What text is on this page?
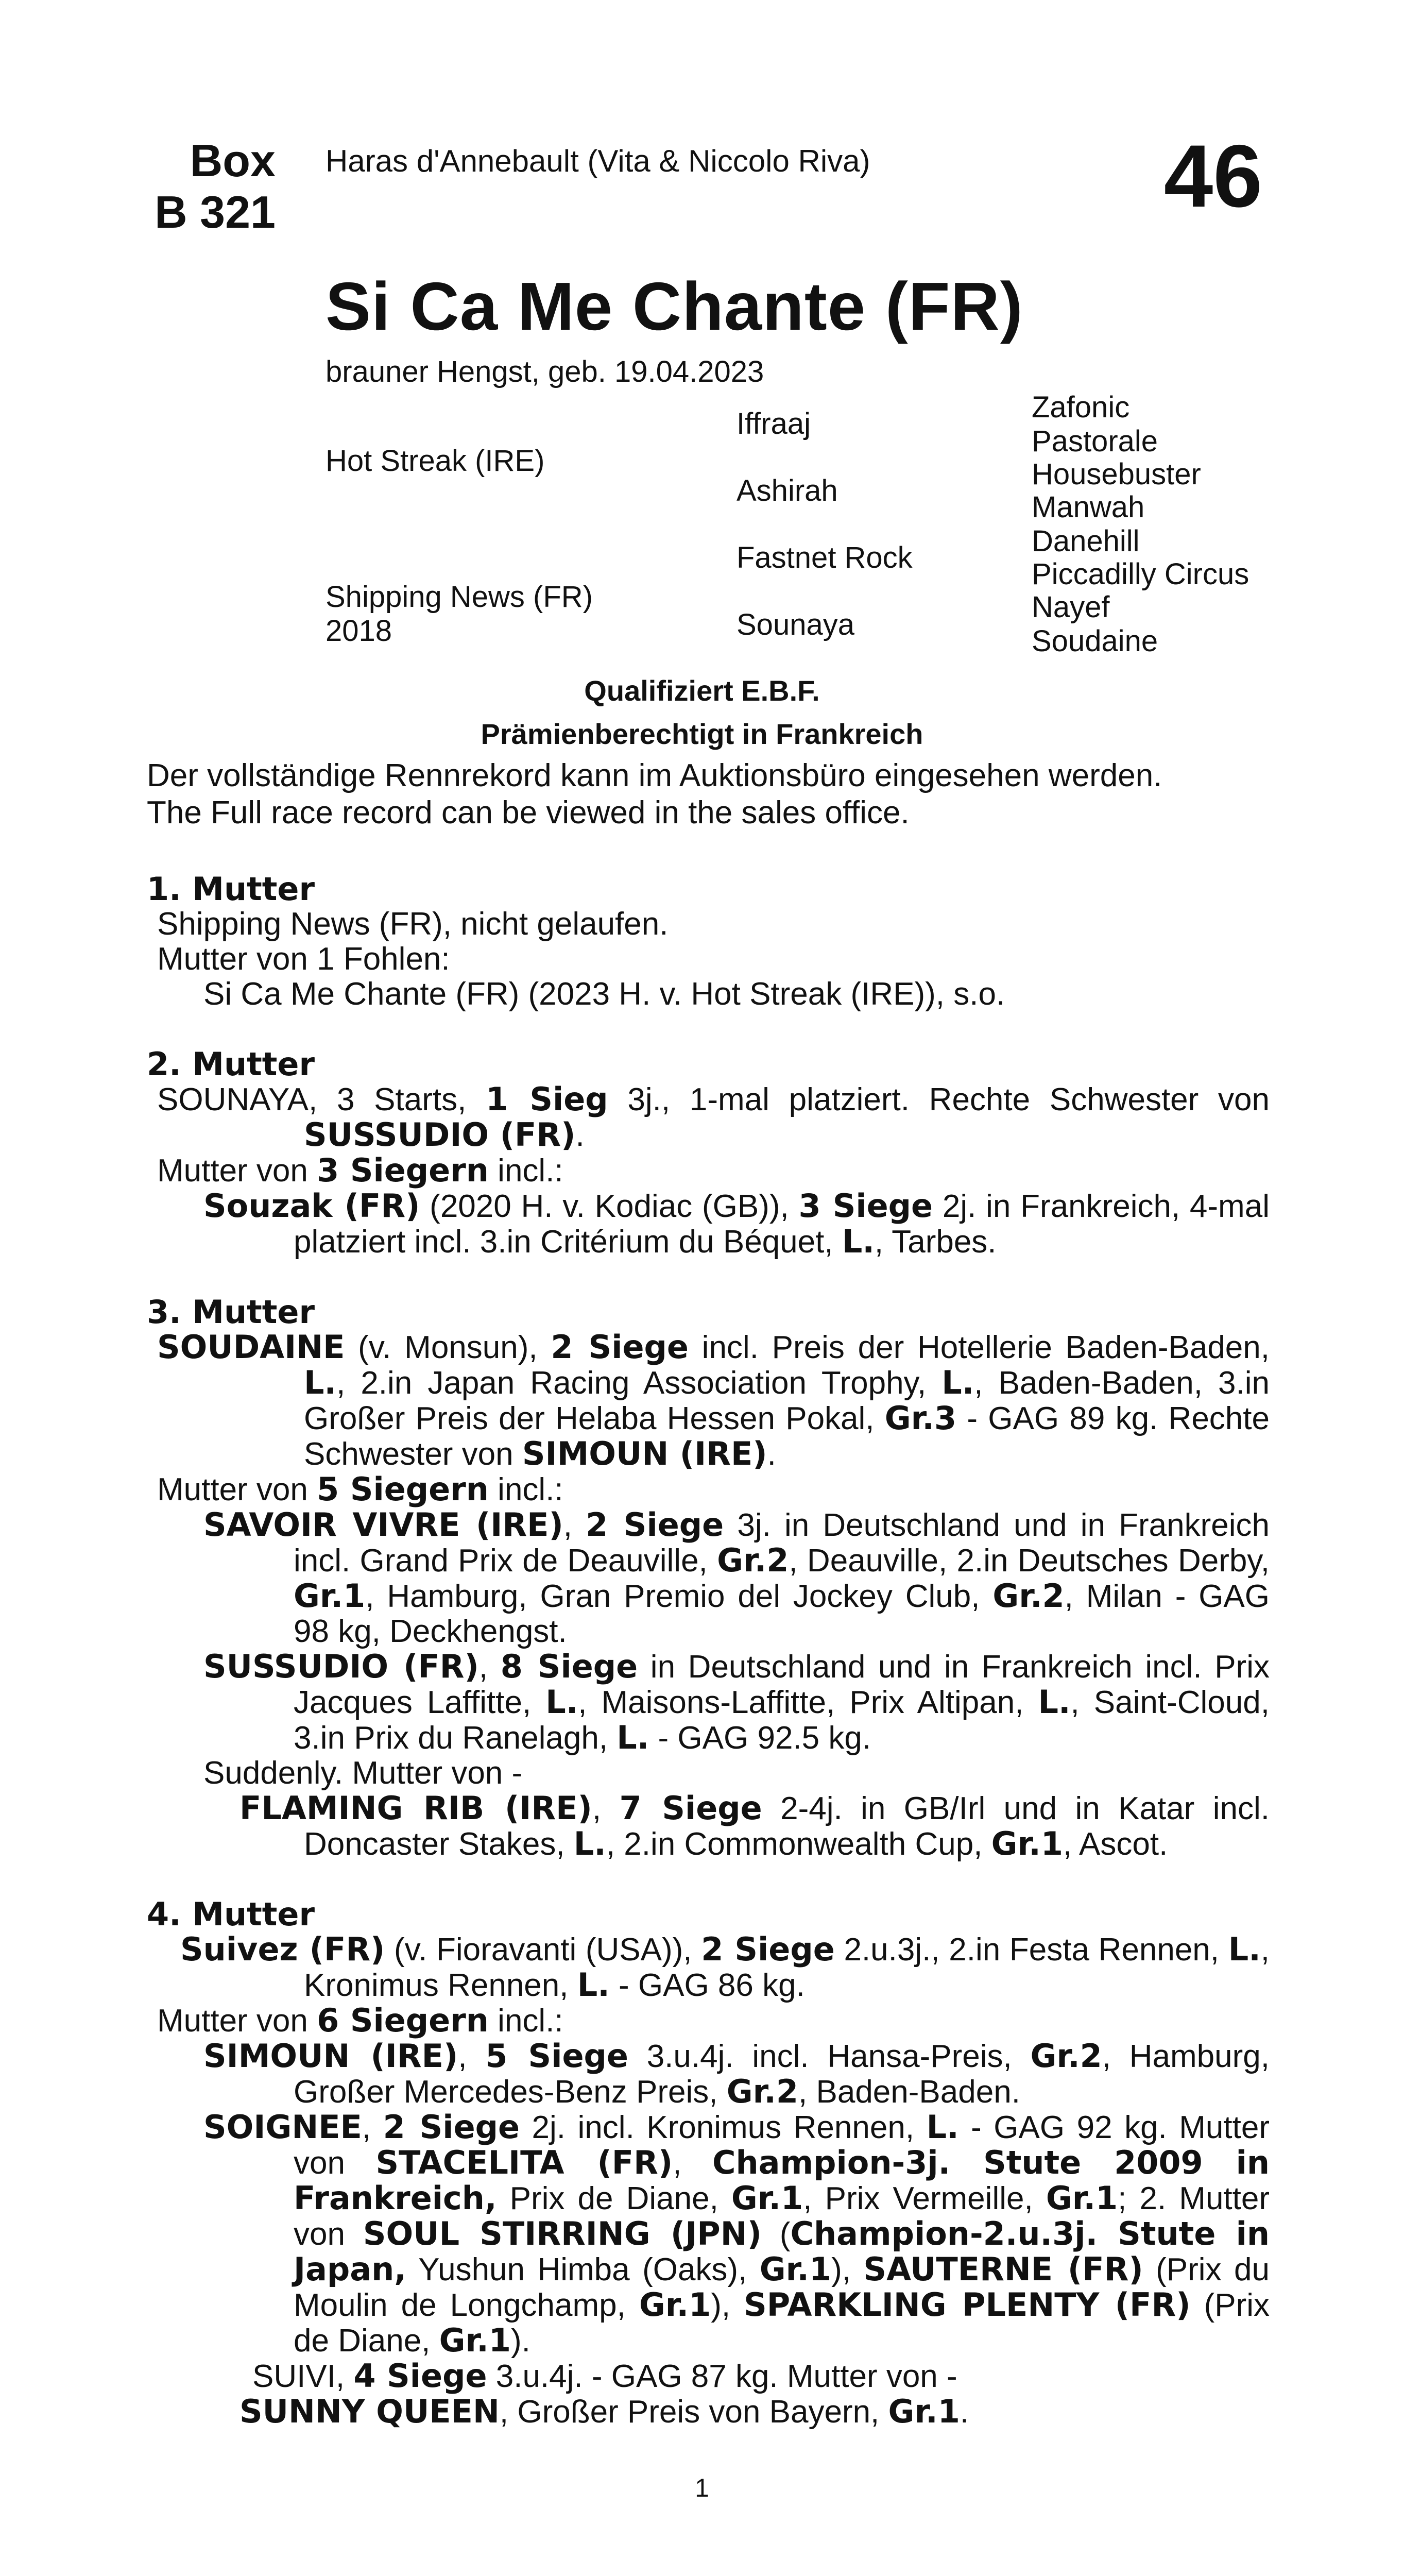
Box
B 321
Haras d'Annebault (Vita & Niccolo Riva)	46
Si Ca Me Chante (FR)
brauner Hengst, geb. 19.04.2023
Hot Streak (IRE)
Shipping News (FR)
2018
Iffraaj
Ashirah
Fastnet Rock
Sounaya
Zafonic
Pastorale
Housebuster
Manwah
Danehill
Piccadilly Circus
Nayef
Soudaine
Qualifiziert E.B.F.
Prämienberechtigt in Frankreich
Der vollständige Rennrekord kann im Auktionsbüro eingesehen werden.
The Full race record can be viewed in the sales office.
1. Mutter
Shipping News (FR), nicht gelaufen.
Mutter von 1 Fohlen:
Si Ca Me Chante (FR) (2023 H. v. Hot Streak (IRE)), s.o.
2. Mutter
SOUNAYA, 3 Starts, 1 Sieg 3j., 1-mal platziert. Rechte Schwester von SUSSUDIO (FR).
Mutter von 3 Siegern incl.:
Souzak (FR) (2020 H. v. Kodiac (GB)), 3 Siege 2j. in Frankreich, 4-mal platziert incl. 3.in Critérium du Béquet, L., Tarbes.
3. Mutter
SOUDAINE (v. Monsun), 2 Siege incl. Preis der Hotellerie Baden-Baden, L., 2.in Japan Racing Association Trophy, L., Baden-Baden, 3.in Großer Preis der Helaba Hessen Pokal, Gr.3 - GAG 89 kg. Rechte Schwester von SIMOUN (IRE).
Mutter von 5 Siegern incl.:
SAVOIR VIVRE (IRE), 2 Siege 3j. in Deutschland und in Frankreich incl. Grand Prix de Deauville, Gr.2, Deauville, 2.in Deutsches Derby, Gr.1, Hamburg, Gran Premio del Jockey Club, Gr.2, Milan - GAG 98 kg, Deckhengst.
SUSSUDIO (FR), 8 Siege in Deutschland und in Frankreich incl. Prix Jacques Laffitte, L., Maisons-Laffitte, Prix Altipan, L., Saint-Cloud, 3.in Prix du Ranelagh, L. - GAG 92.5 kg.
Suddenly. Mutter von -
FLAMING RIB (IRE), 7 Siege 2-4j. in GB/Irl und in Katar incl. Doncaster Stakes, L., 2.in Commonwealth Cup, Gr.1, Ascot.
4. Mutter
Suivez (FR) (v. Fioravanti (USA)), 2 Siege 2.u.3j., 2.in Festa Rennen, L., Kronimus Rennen, L. - GAG 86 kg.
Mutter von 6 Siegern incl.:
SIMOUN (IRE), 5 Siege 3.u.4j. incl. Hansa-Preis, Gr.2, Hamburg, Großer Mercedes-Benz Preis, Gr.2, Baden-Baden.
SOIGNEE, 2 Siege 2j. incl. Kronimus Rennen, L. - GAG 92 kg. Mutter von STACELITA (FR), Champion-3j. Stute 2009 in Frankreich, Prix de Diane, Gr.1, Prix Vermeille, Gr.1; 2. Mutter von SOUL STIRRING (JPN) (Champion-2.u.3j. Stute in Japan, Yushun Himba (Oaks), Gr.1), SAUTERNE (FR) (Prix du Moulin de Longchamp, Gr.1), SPARKLING PLENTY (FR) (Prix de Diane, Gr.1).
SUIVI, 4 Siege 3.u.4j. - GAG 87 kg. Mutter von -
SUNNY QUEEN, Großer Preis von Bayern, Gr.1.
1
